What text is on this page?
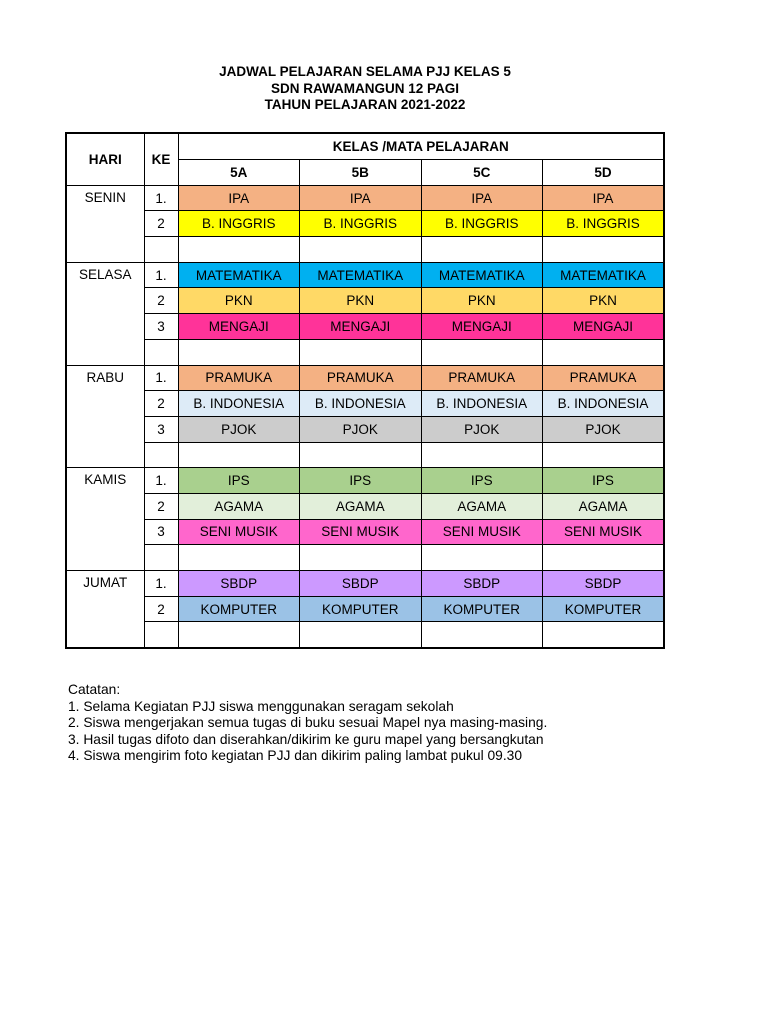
JADWAL PELAJARAN SELAMA PJJ KELAS 5
SDN RAWAMANGUN 12 PAGI
TAHUN PELAJARAN 2021-2022
HARI	KE	KELAS /MATA PELAJARAN			
		5A	5B	5C	5D
SENIN	1.	IPA	IPA	IPA	IPA
	2	B. INGGRIS	B. INGGRIS	B. INGGRIS	B. INGGRIS

SELASA	1.	MATEMATIKA	MATEMATIKA	MATEMATIKA	MATEMATIKA
	2	PKN	PKN	PKN	PKN
	3	MENGAJI	MENGAJI	MENGAJI	MENGAJI

RABU	1.	PRAMUKA	PRAMUKA	PRAMUKA	PRAMUKA
	2	B. INDONESIA	B. INDONESIA	B. INDONESIA	B. INDONESIA
	3	PJOK	PJOK	PJOK	PJOK

KAMIS	1.	IPS	IPS	IPS	IPS
	2	AGAMA	AGAMA	AGAMA	AGAMA
	3	SENI MUSIK	SENI MUSIK	SENI MUSIK	SENI MUSIK

JUMAT	1.	SBDP	SBDP	SBDP	SBDP
	2	KOMPUTER	KOMPUTER	KOMPUTER	KOMPUTER

Catatan:
1. Selama Kegiatan PJJ siswa menggunakan seragam sekolah
2. Siswa mengerjakan semua tugas di buku sesuai Mapel nya masing-masing.
3. Hasil tugas difoto dan diserahkan/dikirim ke guru mapel yang bersangkutan
4. Siswa mengirim foto kegiatan PJJ dan dikirim paling lambat pukul 09.30
